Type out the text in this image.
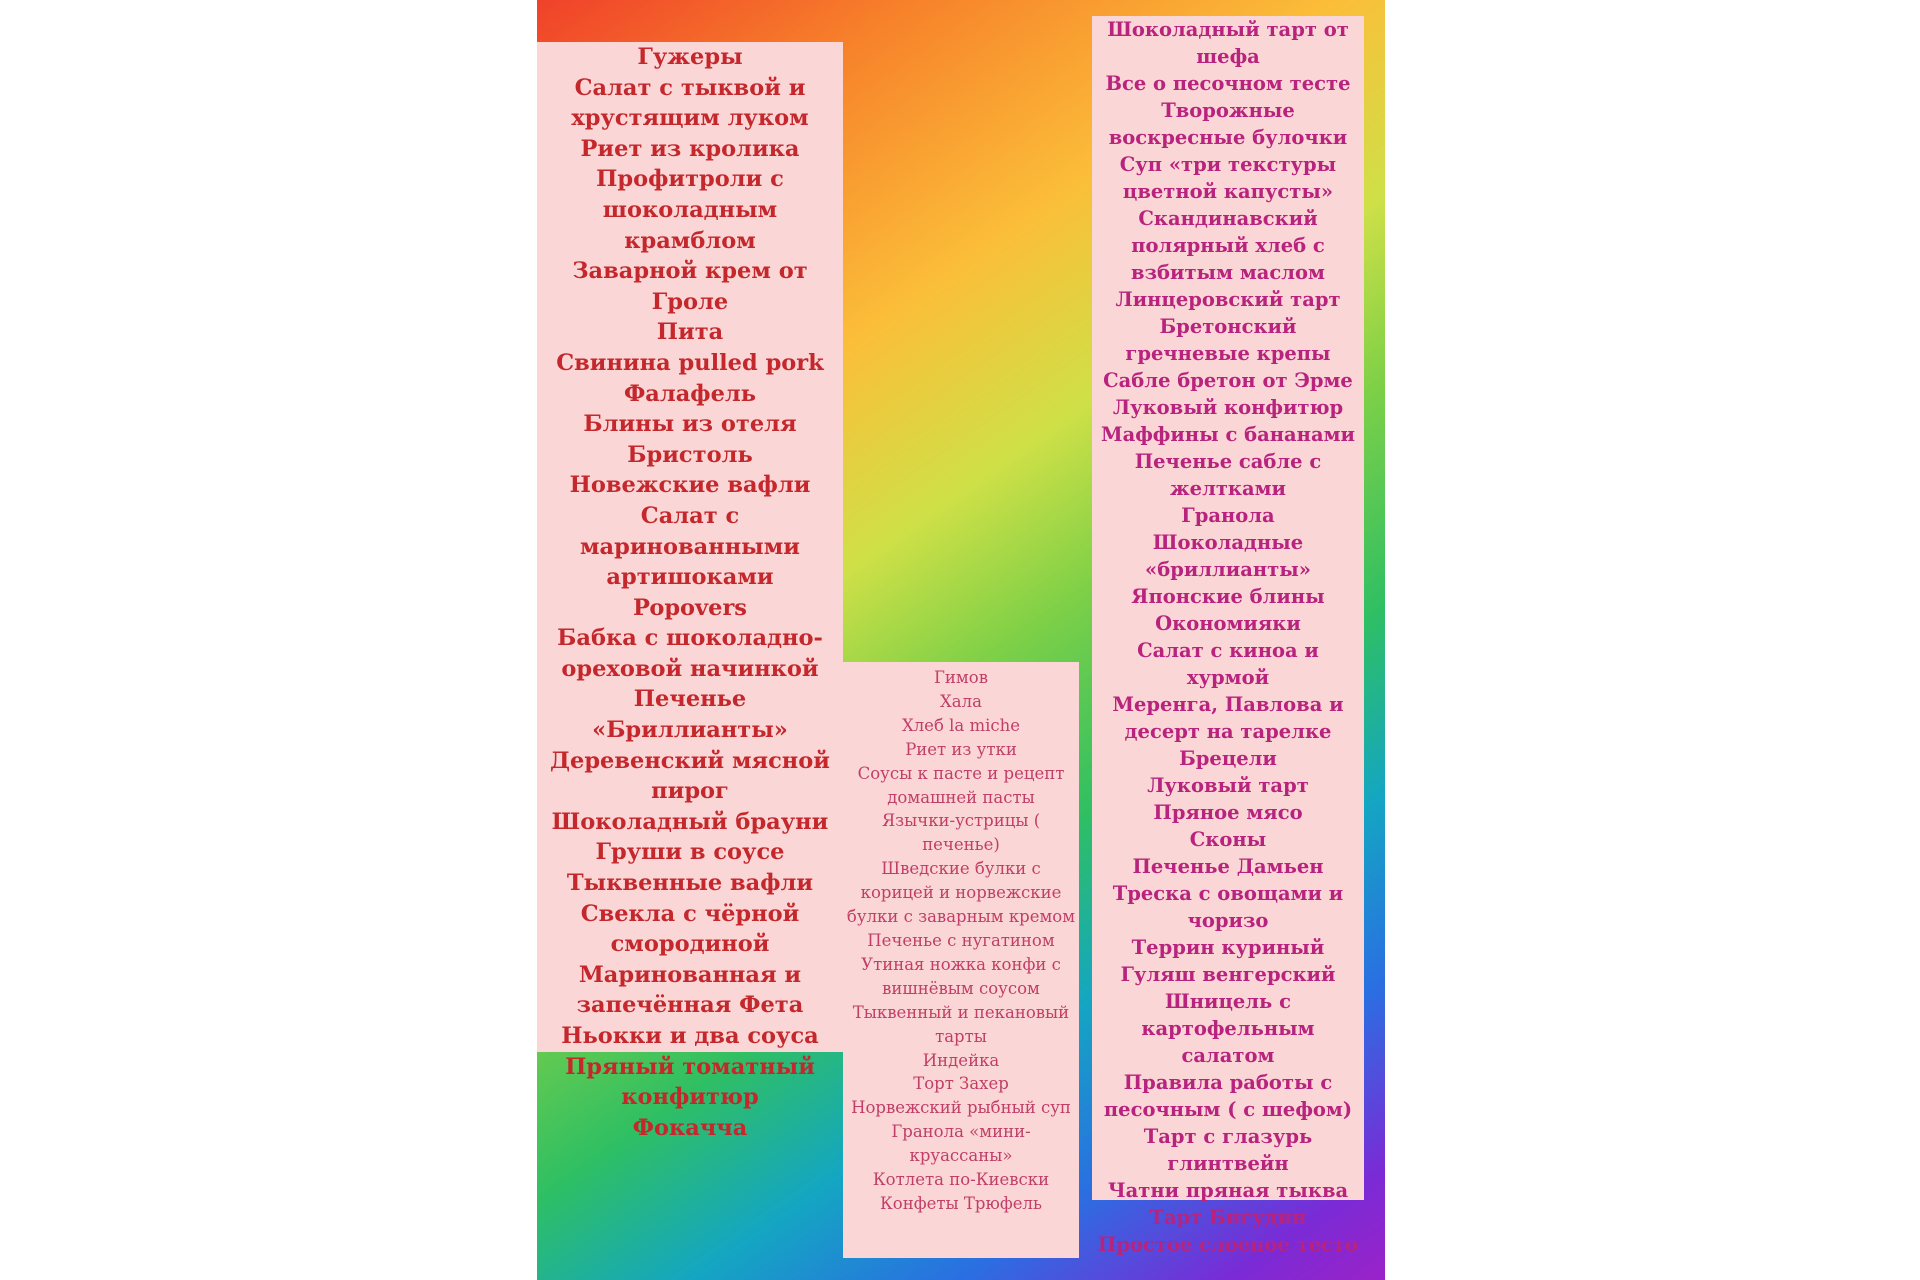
Гужеры
Салат с тыквой и хрустящим луком
Риет из кролика
Профитроли с шоколадным крамблом
Заварной крем от Гроле
Пита
Свинина pulled pork
Фалафель
Блины из отеля Бристоль
Новежские вафли
Салат с маринованными артишоками
Popovers
Бабка с шоколадно-ореховой начинкой
Печенье «Бриллианты»
Деревенский мясной пирог
Шоколадный брауни
Груши в соусе
Тыквенные вафли
Свекла с чёрной смородиной
Маринованная и запечённая Фета
Ньокки и два соуса
Пряный томатный конфитюр
Фокачча
Гимов
Хала
Хлеб la miche
Риет из утки
Соусы к пасте и рецепт домашней пасты
Язычки-устрицы ( печенье)
Шведские булки с корицей и норвежские булки с заварным кремом
Печенье с нугатином
Утиная ножка конфи с вишнёвым соусом
Тыквенный и пекановый тарты
Индейка
Торт Захер
Норвежский рыбный суп
Гранола «мини-круассаны»
Котлета по-Киевски
Конфеты Трюфель
Шоколадный тарт от шефа
Все о песочном тесте
Творожные воскресные булочки
Суп «три текстуры цветной капусты»
Скандинавский полярный хлеб с взбитым маслом
Линцеровский тарт
Бретонский гречневые крепы
Сабле бретон от Эрме
Луковый конфитюр
Маффины с бананами
Печенье сабле с желтками
Гранола
Шоколадные «бриллианты»
Японские блины
Окономияки
Салат с киноа и хурмой
Меренга, Павлова и десерт на тарелке
Брецели
Луковый тарт
Пряное мясо
Сконы
Печенье Дамьен
Треска с овощами и чоризо
Террин куриный
Гуляш венгерский
Шницель с картофельным салатом
Правила работы с песочным ( с шефом)
Тарт с глазурь глинтвейн
Чатни пряная тыква
Тарт Бигудин
Простое слоеное тесто
